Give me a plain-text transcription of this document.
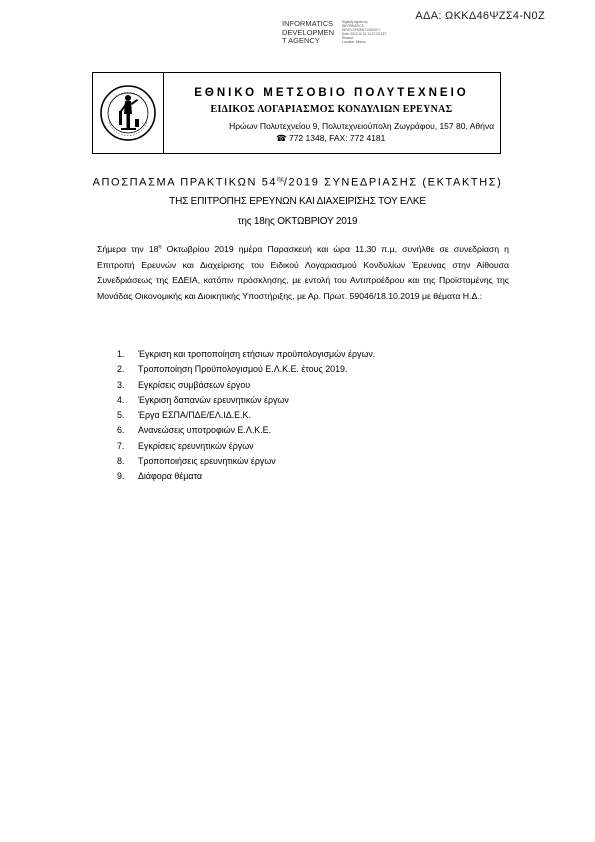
ΑΔΑ: ΩΚΚΔ46ΨΖΣ4-Ν0Ζ
INFORMATICS
DEVELOPMEN
T AGENCY
Digitally signed by
INFORMATICS
DEVELOPMENT AGENCY
Date: 2019.10.31 10:57:52 EET
Reason:
Location: Athens
ΕΘΝΙΚΟ ΜΕΤΣΟΒΙΟ ΠΟΛΥΤΕΧΝΕΙΟ
ΕΙΔΙΚΟΣ ΛΟΓΑΡΙΑΣΜΟΣ ΚΟΝΔΥΛΙΩΝ ΕΡΕΥΝΑΣ
Ηρώων Πολυτεχνείου 9, Πολυτεχνειούπολη Ζωγράφου, 157 80, Αθήνα
☎ 772 1348, FAX: 772 4181
ΑΠΟΣΠΑΣΜΑ ΠΡΑΚΤΙΚΩΝ $54^{\eta\varsigma}/2019$ ΣΥΝΕΔΡΙΑΣΗΣ (ΕΚΤΑΚΤΗΣ)
ΤΗΣ ΕΠΙΤΡΟΠΗΣ ΕΡΕΥΝΩΝ ΚΑΙ ΔΙΑΧΕΙΡΙΣΗΣ ΤΟΥ ΕΛΚΕ
της 18ης ΟΚΤΩΒΡΙΟΥ 2019
Σήμερα την $18^\eta$ Οκτωβρίου 2019 ημέρα Παρασκευή και ώρα 11.30 π.μ, συνήλθε σε συνεδρίαση η Επιτροπή Ερευνών και Διαχείρισης του Ειδικού Λογαριασμού Κονδυλίων Έρευνας στην Αίθουσα Συνεδριάσεως της ΕΔΕΙΑ, κατόπιν πρόσκλησης, με εντολή του Αντιπροέδρου και της Προϊσταμένης της Μονάδας Οικονομικής και Διοικητικής Υποστήριξης, με Αρ. Πρωτ. 59046/18.10.2019 με θέματα Η.Δ.:
1.	Έγκριση και τροποποίηση ετήσιων προϋπολογισμών έργων.
2.	Τροποποίηση Προϋπολογισμού Ε.Λ.Κ.Ε. έτους 2019.
3.	Εγκρίσεις συμβάσεων έργου
4.	Έγκριση δαπανών ερευνητικών έργων
5.	Έργα ΕΣΠΑ/ΠΔΕ/ΕΛ.ΙΔ.Ε.Κ.
6.	Ανανεώσεις υποτροφιών Ε.Λ.Κ.Ε.
7.	Εγκρίσεις ερευνητικών έργων
8.	Τροποποιήσεις ερευνητικών έργων
9.	Διάφορα θέματα
